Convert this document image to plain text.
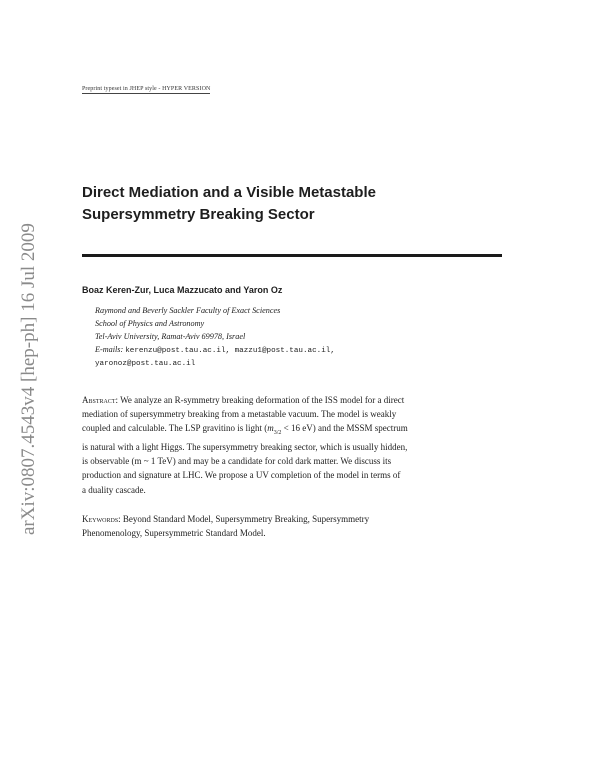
Preprint typeset in JHEP style - HYPER VERSION
arXiv:0807.4543v4 [hep-ph] 16 Jul 2009
Direct Mediation and a Visible Metastable
Supersymmetry Breaking Sector
Boaz Keren-Zur, Luca Mazzucato and Yaron Oz
Raymond and Beverly Sackler Faculty of Exact Sciences
School of Physics and Astronomy
Tel-Aviv University, Ramat-Aviv 69978, Israel
E-mails: kerenzu@post.tau.ac.il, mazzu1@post.tau.ac.il,
yaronoz@post.tau.ac.il
Abstract: We analyze an R-symmetry breaking deformation of the ISS model for a direct
mediation of supersymmetry breaking from a metastable vacuum. The model is weakly
coupled and calculable. The LSP gravitino is light ($m_{3/2} < 16$ eV) and the MSSM spectrum
is natural with a light Higgs. The supersymmetry breaking sector, which is usually hidden,
is observable (m ~ 1 TeV) and may be a candidate for cold dark matter. We discuss its
production and signature at LHC. We propose a UV completion of the model in terms of
a duality cascade.
Keywords: Beyond Standard Model, Supersymmetry Breaking, Supersymmetry
Phenomenology, Supersymmetric Standard Model.
